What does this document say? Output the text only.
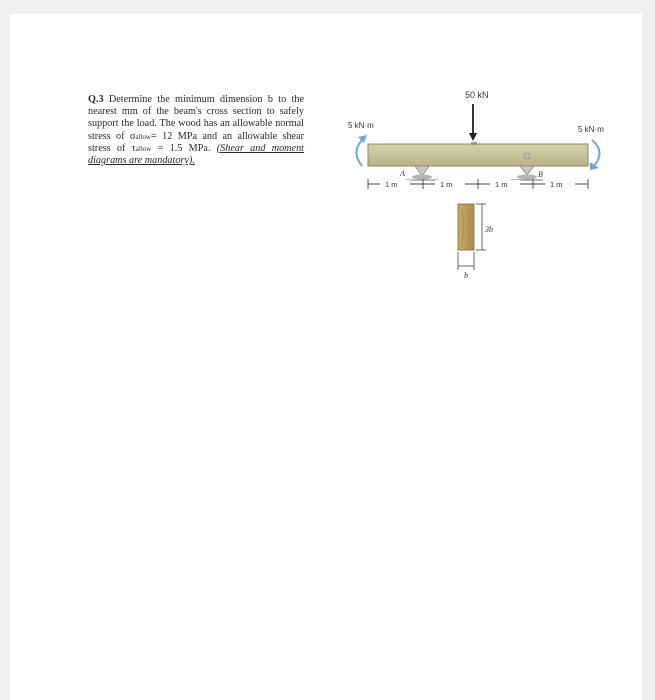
Q.3 Determine the minimum dimension b to the nearest mm of the beam's cross section to safely support the load. The wood has an allowable normal stress of σallow= 12 MPa and an allowable shear stress of τallow = 1.5 MPa. (Shear and moment diagrams are mandatory).
50 kN
5 kN·m	5 kN·m
A	B
1 m	1 m	1 m	1 m
3b
b
